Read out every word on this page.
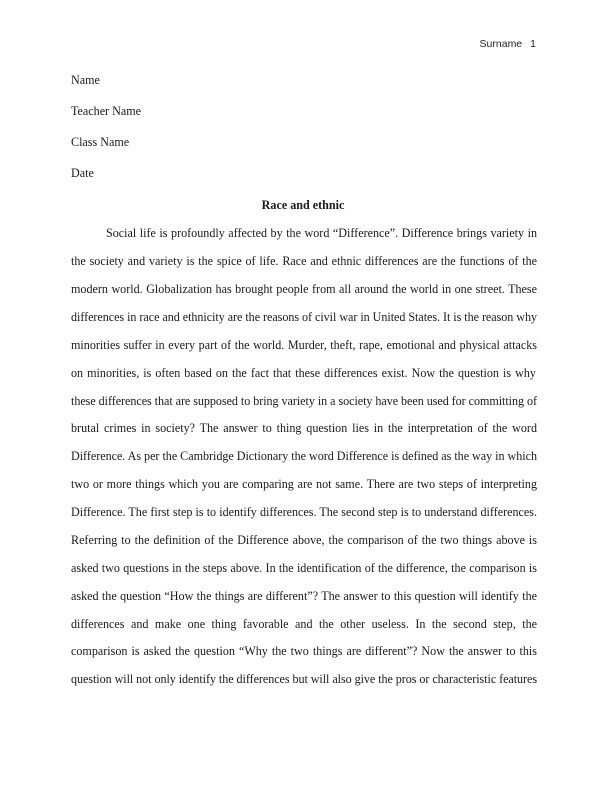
Surname 1
Name
Teacher Name
Class Name
Date
Race and ethnic
Social life is profoundly affected by the word “Difference”. Difference brings variety in
the society and variety is the spice of life. Race and ethnic differences are the functions of the
modern world. Globalization has brought people from all around the world in one street. These
differences in race and ethnicity are the reasons of civil war in United States. It is the reason why
minorities suffer in every part of the world. Murder, theft, rape, emotional and physical attacks
on minorities, is often based on the fact that these differences exist. Now the question is why
these differences that are supposed to bring variety in a society have been used for committing of
brutal crimes in society? The answer to thing question lies in the interpretation of the word
Difference. As per the Cambridge Dictionary the word Difference is defined as the way in which
two or more things which you are comparing are not same. There are two steps of interpreting
Difference. The first step is to identify differences. The second step is to understand differences.
Referring to the definition of the Difference above, the comparison of the two things above is
asked two questions in the steps above. In the identification of the difference, the comparison is
asked the question “How the things are different”? The answer to this question will identify the
differences and make one thing favorable and the other useless. In the second step, the
comparison is asked the question “Why the two things are different”? Now the answer to this
question will not only identify the differences but will also give the pros or characteristic features
